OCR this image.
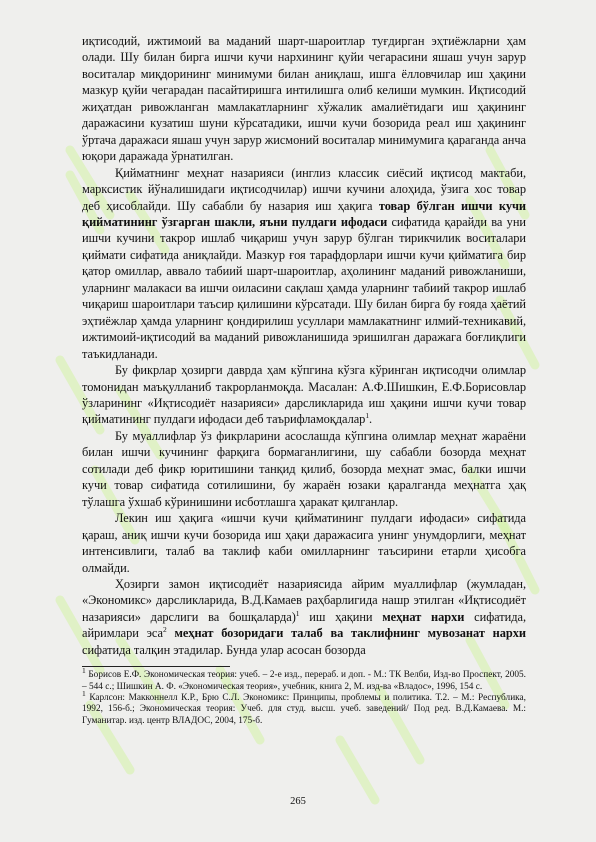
иқтисодий, ижтимоий ва маданий шарт-шароитлар туғдирган эҳтиёжларни ҳам олади. Шу билан бирга ишчи кучи нархининг қуйи чегарасини яшаш учун зарур воситалар миқдорининг минимуми билан аниқлаш, ишга ёлловчилар иш ҳақини мазкур қуйи чегарадан пасайтиришга интилишга олиб келиши мумкин. Иқтисодий жиҳатдан ривожланган мамлакатларнинг хўжалик амалиётидаги иш ҳақининг даражасини кузатиш шуни кўрсатадики, ишчи кучи бозорида реал иш ҳақининг ўртача даражаси яшаш учун зарур жисмоний воситалар минимумига қараганда анча юқори даражада ўрнатилган.

Қийматнинг меҳнат назарияси (инглиз классик сиёсий иқтисод мактаби, марксистик йўналишидаги иқтисодчилар) ишчи кучини алоҳида, ўзига хос товар деб ҳисоблайди. Шу сабабли бу назария иш ҳақига товар бўлган ишчи кучи қийматининг ўзгарган шакли, яъни пулдаги ифодаси сифатида қарайди ва уни ишчи кучини такрор ишлаб чиқариш учун зарур бўлган тирикчилик воситалари қиймати сифатида аниқлайди. Мазкур ғоя тарафдорлари ишчи кучи қийматига бир қатор омиллар, аввало табиий шарт-шароитлар, аҳолининг маданий ривожланиши, уларнинг малакаси ва ишчи оиласини сақлаш ҳамда уларнинг табиий такрор ишлаб чиқариш шароитлари таъсир қилишини кўрсатади. Шу билан бирга бу ғояда ҳаётий эҳтиёжлар ҳамда уларнинг қондирилиш усуллари мамлакатнинг илмий-техникавий, ижтимоий-иқтисодий ва маданий ривожланишида эришилган даражага боғлиқлиги таъкидланади.

Бу фикрлар ҳозирги даврда ҳам кўпгина кўзга кўринган иқтисодчи олимлар томонидан маъқулланиб такрорланмоқда. Масалан: А.Ф.Шишкин, Е.Ф.Борисовлар ўзларининг «Иқтисодиёт назарияси» дарсликларида иш ҳақини ишчи кучи товар қийматининг пулдаги ифодаси деб таърифламоқдалар$^1$.

Бу муаллифлар ўз фикрларини асослашда кўпгина олимлар меҳнат жараёни билан ишчи кучининг фарқига бормаганлигини, шу сабабли бозорда меҳнат сотилади деб фикр юритишини танқид қилиб, бозорда меҳнат эмас, балки ишчи кучи товар сифатида сотилишини, бу жараён юзаки қаралганда меҳнатга ҳақ тўлашга ўхшаб кўринишини исботлашга ҳаракат қилганлар.

Лекин иш ҳақига «ишчи кучи қийматининг пулдаги ифодаси» сифатида қараш, аниқ ишчи кучи бозорида иш ҳақи даражасига унинг унумдорлиги, меҳнат интенсивлиги, талаб ва таклиф каби омилларнинг таъсирини етарли ҳисобга олмайди.

Ҳозирги замон иқтисодиёт назариясида айрим муаллифлар (жумладан, «Экономикс» дарсликларида, В.Д.Камаев раҳбарлигида нашр этилган «Иқтисодиёт назарияси» дарслиги ва бошқаларда)$^1$ иш ҳақини меҳнат нархи сифатида, айримлари эса$^2$ меҳнат бозоридаги талаб ва таклифнинг мувозанат нархи сифатида талқин этадилар. Бунда улар асосан бозорда

$^1$ Борисов Е.Ф. Экономическая теория: учеб. – 2-е изд., перераб. и доп. - М.: ТК Велби, Изд-во Проспект, 2005. – 544 с.; Шишкин А. Ф. «Экономическая теория», учебник, книга 2, М. изд-ва «Владос», 1996, 154 с.

$^1$ Карлсон: Макконнелл К.Р., Брю С.Л. Экономикс: Принципы, проблемы и политика. Т.2. – М.: Республика, 1992, 156-б.; Экономическая теория: Учеб. для студ. высш. учеб. заведений/ Под ред. В.Д.Камаева. М.: Гуманитар. изд. центр ВЛАДОС, 2004, 175-б.

265
